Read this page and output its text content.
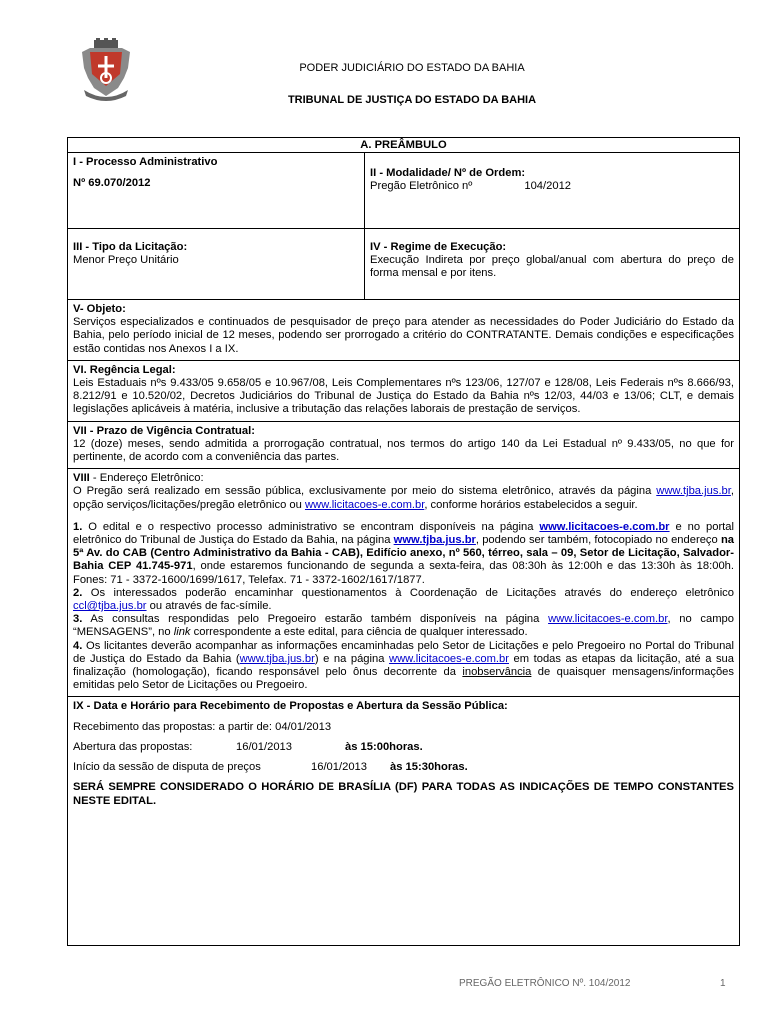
PODER JUDICIÁRIO DO ESTADO DA BAHIA
TRIBUNAL DE JUSTIÇA DO ESTADO DA BAHIA
A. PREÂMBULO

I - Processo Administrativo

Nº 69.070/2012

II - Modalidade/ Nº de Ordem:

Pregão Eletrônico nº	104/2012

III - Tipo da Licitação:

Menor Preço Unitário

IV - Regime de Execução:

Execução Indireta por preço global/anual com abertura do preço de forma mensal e por itens.

V- Objeto:

Serviços especializados e continuados de pesquisador de preço para atender as necessidades do Poder Judiciário do Estado da Bahia, pelo período inicial de 12 meses, podendo ser prorrogado a critério do CONTRATANTE. Demais condições e especificações estão contidas nos Anexos I a IX.

VI. Regência Legal:

Leis Estaduais nºs 9.433/05 9.658/05 e 10.967/08, Leis Complementares nºs 123/06, 127/07 e 128/08, Leis Federais nºs 8.666/93, 8.212/91 e 10.520/02, Decretos Judiciários do Tribunal de Justiça do Estado da Bahia nºs 12/03, 44/03 e 13/06; CLT, e demais legislações aplicáveis à matéria, inclusive a tributação das relações laborais de prestação de serviços.

VII - Prazo de Vigência Contratual:

12 (doze) meses, sendo admitida a prorrogação contratual, nos termos do artigo 140 da Lei Estadual nº 9.433/05, no que for pertinente, de acordo com a conveniência das partes.

VIII - Endereço Eletrônico:

O Pregão será realizado em sessão pública, exclusivamente por meio do sistema eletrônico, através da página www.tjba.jus.br, opção serviços/licitações/pregão eletrônico ou www.licitacoes-e.com.br, conforme horários estabelecidos a seguir.

1. O edital e o respectivo processo administrativo se encontram disponíveis na página www.licitacoes-e.com.br e no portal eletrônico do Tribunal de Justiça do Estado da Bahia, na página www.tjba.jus.br, podendo ser também, fotocopiado no endereço na 5ª Av. do CAB (Centro Administrativo da Bahia - CAB), Edifício anexo, nº 560, térreo, sala – 09, Setor de Licitação, Salvador- Bahia CEP 41.745-971, onde estaremos funcionando de segunda a sexta-feira, das 08:30h às 12:00h e das 13:30h às 18:00h. Fones: 71 - 3372-1600/1699/1617, Telefax. 71 - 3372-1602/1617/1877.

2. Os interessados poderão encaminhar questionamentos à Coordenação de Licitações através do endereço eletrônico ccl@tjba.jus.br ou através de fac-símile.

3. As consultas respondidas pelo Pregoeiro estarão também disponíveis na página www.licitacoes-e.com.br, no campo “MENSAGENS”, no link correspondente a este edital, para ciência de qualquer interessado.

4. Os licitantes deverão acompanhar as informações encaminhadas pelo Setor de Licitações e pelo Pregoeiro no Portal do Tribunal de Justiça do Estado da Bahia (www.tjba.jus.br) e na página www.licitacoes-e.com.br em todas as etapas da licitação, até a sua finalização (homologação), ficando responsável pelo ônus decorrente da inobservância de quaisquer mensagens/informações emitidas pelo Setor de Licitações ou Pregoeiro.

IX - Data e Horário para Recebimento de Propostas e Abertura da Sessão Pública:

Recebimento das propostas: a partir de: 04/01/2013

Abertura das propostas:	16/01/2013	às 15:00horas.

Início da sessão de disputa de preços	16/01/2013 às 15:30horas.

SERÁ SEMPRE CONSIDERADO O HORÁRIO DE BRASÍLIA (DF) PARA TODAS AS INDICAÇÕES DE TEMPO CONSTANTES NESTE EDITAL.

PREGÃO ELETRÔNICO Nº. 104/2012	1
